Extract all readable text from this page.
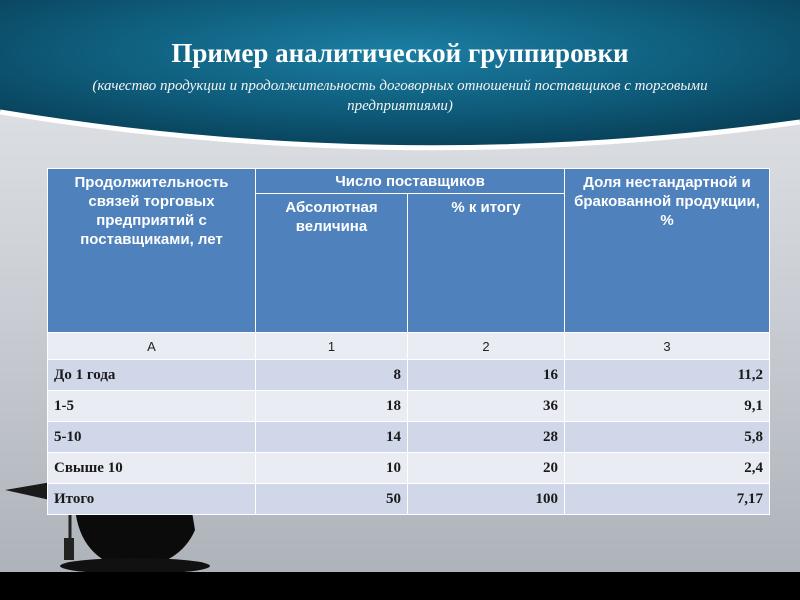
Пример аналитической группировки
(качество продукции и продолжительность договорных отношений поставщиков с торговыми предприятиями)
Продолжительность связей торговых предприятий с поставщиками, лет	Число поставщиков		Доля нестандартной и бракованной продукции, %
	Абсолютная величина	% к итогу	
А	1	2	3
До 1 года	8	16	11,2
1-5	18	36	9,1
5-10	14	28	5,8
Свыше 10	10	20	2,4
Итого	50	100	7,17
